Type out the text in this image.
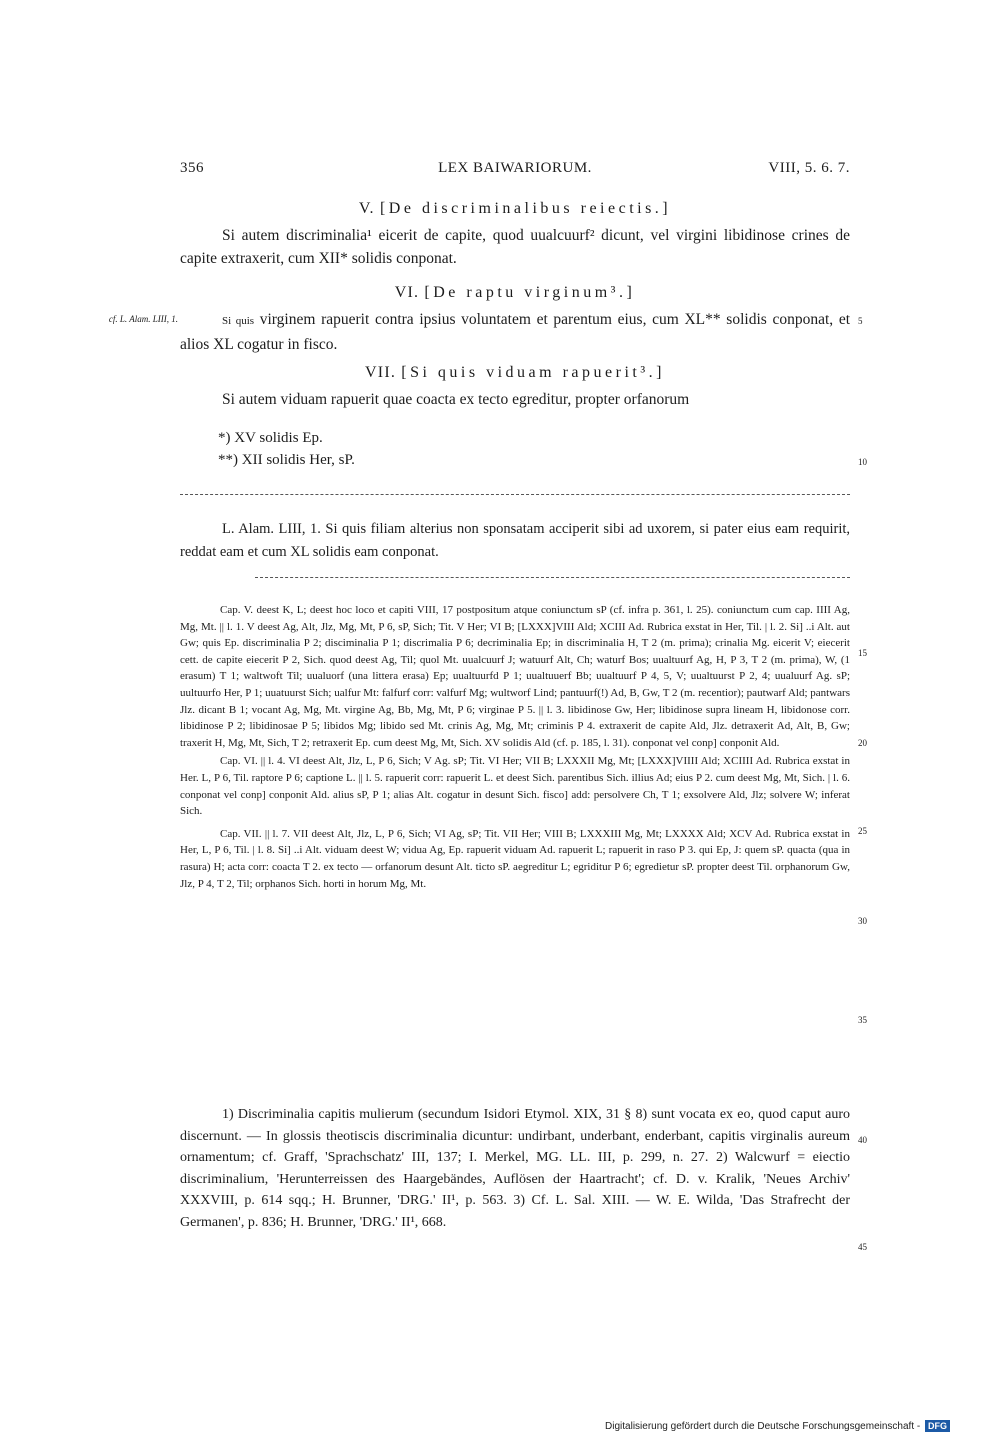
356	LEX BAIWARIORUM.	VIII, 5. 6. 7.
V. [De discriminalibus reiectis.]
Si autem discriminalia¹ eicerit de capite, quod uualcuurf² dicunt, vel virgini libidinose crines de capite extraxerit, cum XII* solidis conponat.
VI. [De raptu virginum³.]
cf. L. Alam. LIII, 1.	Si quis virginem rapuerit contra ipsius voluntatem et parentum eius, cum XL** solidis conponat, et alios XL cogatur in fisco.
5
VII. [Si quis viduam rapuerit³.]
Si autem viduam rapuerit quae coacta ex tecto egreditur, propter orfanorum
*) XV solidis Ep.
**) XII solidis Her, sP.	10
L. Alam. LIII, 1. Si quis filiam alterius non sponsatam acciperit sibi ad uxorem, si pater eius eam requirit, reddat eam et cum XL solidis eam conponat.

Cap. V. deest K, L; deest hoc loco et capiti VIII, 17 postpositum atque coniunctum sP (cf. infra p. 361, l. 25). coniunctum cum cap. IIII Ag, Mg, Mt. || l. 1. V deest Ag, Alt, Jlz, Mg, Mt, P 6, sP, Sich; Tit. V Her; VI B; [LXXX]VIII Ald; XCIII Ad. Rubrica exstat in Her, Til. | l. 2. Si] ..i Alt. aut Gw; quis Ep. discriminalia P 2; disciminalia P 1; discrimalia P 6; decriminalia Ep; in discriminalia H, T 2 (m. prima); crinalia Mg. eicerit V; eiecerit cett. de capite eiecerit P 2, Sich. quod deest Ag, Til; quol Mt. uualcuurf J; watuurf Alt, Ch; waturf Bos; uualtuurf Ag, H, P 3, T 2 (m. prima), W, (1 erasum) T 1; waltwoft Til; uualuorf (una littera erasa) Ep; uualtuurfd P 1; uualtuuerf Bb; uualtuurf P 4, 5, V; uualtuurst P 2, 4; uualuurf Ag. sP; uultuurfo Her, P 1; uuatuurst Sich; ualfur Mt: falfurf corr: valfurf Mg; wultworf Lind; pantuurf(!) Ad, B, Gw, T 2 (m. recentior); pautwarf Ald; pantwars Jlz. dicant B 1; vocant Ag, Mg, Mt. virgine Ag, Bb, Mg, Mt, P 6; virginae P 5. || l. 3. libidinose Gw, Her; libidinose supra lineam H, libidonose corr. libidinose P 2; libidinosae P 5; libidos Mg; libido sed Mt. crinis Ag, Mg, Mt; criminis P 4. extraxerit de capite Ald, Jlz. detraxerit Ad, Alt, B, Gw; traxerit H, Mg, Mt, Sich, T 2; retraxerit Ep. cum deest Mg, Mt, Sich. XV solidis Ald (cf. p. 185, l. 31). conponat vel conp] conponit Ald.

Cap. VI. || l. 4. VI deest Alt, Jlz, L, P 6, Sich; V Ag. sP; Tit. VI Her; VII B; LXXXII Mg, Mt; [LXXX]VIIII Ald; XCIIII Ad. Rubrica exstat in Her. L, P 6, Til. raptore P 6; captione L. || l. 5. rapuerit corr: rapuerit L. et deest Sich. parentibus Sich. illius Ad; eius P 2. cum deest Mg, Mt, Sich. | l. 6. conponat vel conp] conponit Ald. alius sP, P 1; alias Alt. cogatur in desunt Sich. fisco] add: persolvere Ch, T 1; exsolvere Ald, Jlz; solvere W; inferat Sich.

Cap. VII. || l. 7. VII deest Alt, Jlz, L, P 6, Sich; VI Ag, sP; Tit. VII Her; VIII B; LXXXIII Mg, Mt; LXXXX Ald; XCV Ad. Rubrica exstat in Her, L, P 6, Til. | l. 8. Si] ..i Alt. viduam deest W; vidua Ag, Ep. rapuerit viduam Ad. rapuerit L; rapuerit in raso P 3. qui Ep, J: quem sP. quacta (qua in rasura) H; acta corr: coacta T 2. ex tecto — orfanorum desunt Alt. ticto sP. aegreditur L; egriditur P 6; egredietur sP. propter deest Til. orphanorum Gw, Jlz, P 4, T 2, Til; orphanos Sich. horti in horum Mg, Mt.

15
20
25
30
35

1) Discriminalia capitis mulierum (secundum Isidori Etymol. XIX, 31 § 8) sunt vocata ex eo, quod caput auro discernunt. — In glossis theotiscis discriminalia dicuntur: undirbant, underbant, enderbant, capitis virginalis aureum ornamentum; cf. Graff, 'Sprachschatz' III, 137; I. Merkel, MG. LL. III, p. 299, n. 27. 2) Walcwurf = eiectio discriminalium, 'Herunterreissen des Haargebändes, Auflösen der Haartracht'; cf. D. v. Kralik, 'Neues Archiv' XXXVIII, p. 614 sqq.; H. Brunner, 'DRG.' II¹, p. 563. 3) Cf. L. Sal. XIII. — W. E. Wilda, 'Das Strafrecht der Germanen', p. 836; H. Brunner, 'DRG.' II¹, 668.

40
45
Digitalisierung gefördert durch die Deutsche Forschungsgemeinschaft - DFG
